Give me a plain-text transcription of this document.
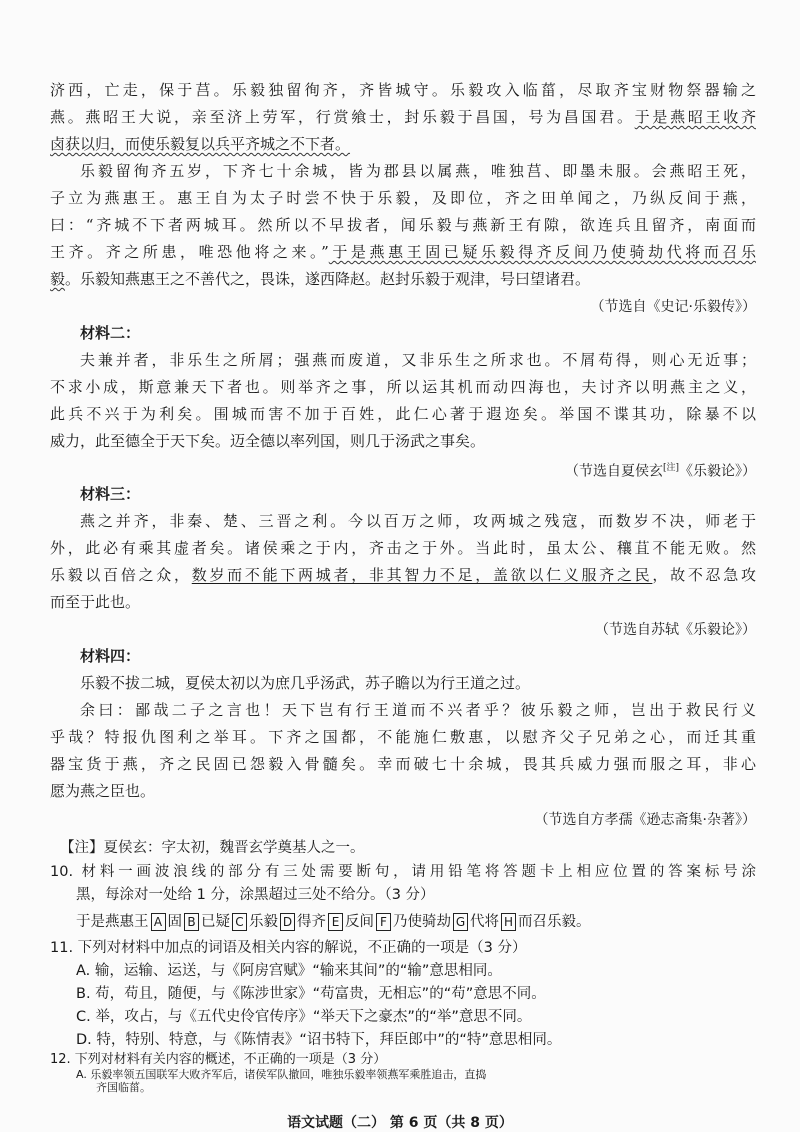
济西，亡走，保于莒。乐毅独留徇齐，齐皆城守。乐毅攻入临菑，尽取齐宝财物祭器输之
燕。燕昭王大说，亲至济上劳军，行赏飨士，封乐毅于昌国，号为昌国君。于是燕昭王收齐
卤获以归，而使乐毅复以兵平齐城之不下者。
乐毅留徇齐五岁，下齐七十余城，皆为郡县以属燕，唯独莒、即墨未服。会燕昭王死，
子立为燕惠王。惠王自为太子时尝不快于乐毅，及即位，齐之田单闻之，乃纵反间于燕，
曰：“齐城不下者两城耳。然所以不早拔者，闻乐毅与燕新王有隙，欲连兵且留齐，南面而
王齐。齐之所患，唯恐他将之来。”于是燕惠王固已疑乐毅得齐反间乃使骑劫代将而召乐
毅。乐毅知燕惠王之不善代之，畏诛，遂西降赵。赵封乐毅于观津，号曰望诸君。
（节选自《史记·乐毅传》）
材料二：
夫兼并者，非乐生之所屑；强燕而废道，又非乐生之所求也。不屑苟得，则心无近事；
不求小成，斯意兼天下者也。则举齐之事，所以运其机而动四海也，夫讨齐以明燕主之义，
此兵不兴于为利矣。围城而害不加于百姓，此仁心著于遐迩矣。举国不谍其功，除暴不以
威力，此至德全于天下矣。迈全德以率列国，则几于汤武之事矣。
（节选自夏侯玄[注]《乐毅论》）
材料三：
燕之并齐，非秦、楚、三晋之利。今以百万之师，攻两城之残寇，而数岁不决，师老于
外，此必有乘其虚者矣。诸侯乘之于内，齐击之于外。当此时，虽太公、穰苴不能无败。然
乐毅以百倍之众，数岁而不能下两城者，非其智力不足，盖欲以仁义服齐之民，故不忍急攻
而至于此也。
（节选自苏轼《乐毅论》）
材料四：
乐毅不拔二城，夏侯太初以为庶几乎汤武，苏子瞻以为行王道之过。
余曰：鄙哉二子之言也！天下岂有行王道而不兴者乎？彼乐毅之师，岂出于救民行义
乎哉？特报仇图利之举耳。下齐之国都，不能施仁敷惠，以慰齐父子兄弟之心，而迁其重
器宝货于燕，齐之民固已怨毅入骨髓矣。幸而破七十余城，畏其兵威力强而服之耳，非心
愿为燕之臣也。
（节选自方孝孺《逊志斋集·杂著》）
【注】夏侯玄：字太初，魏晋玄学奠基人之一。
10. 材料一画波浪线的部分有三处需要断句，请用铅笔将答题卡上相应位置的答案标号涂
黑，每涂对一处给 1 分，涂黑超过三处不给分。（3 分）
于是燕惠王 A 固 B 已疑 C 乐毅 D 得齐 E 反间 F 乃使骑劫 G 代将 H 而召乐毅。
11. 下列对材料中加点的词语及相关内容的解说，不正确的一项是（3 分）
A. 输，运输、运送，与《阿房宫赋》“输来其间”的“输”意思相同。
B. 苟，苟且，随便，与《陈涉世家》“苟富贵，无相忘”的“苟”意思不同。
C. 举，攻占，与《五代史伶官传序》“举天下之豪杰”的“举”意思不同。
D. 特，特别、特意，与《陈情表》“诏书特下，拜臣郎中”的“特”意思相同。
12. 下列对材料有关内容的概述，不正确的一项是（3 分）
语文试题（二） 第 6 页（共 8 页）
A. 乐毅率领五国联军大败齐军后，诸侯军队撤回，唯独乐毅率领燕军乘胜追击，直捣
齐国临菑。
